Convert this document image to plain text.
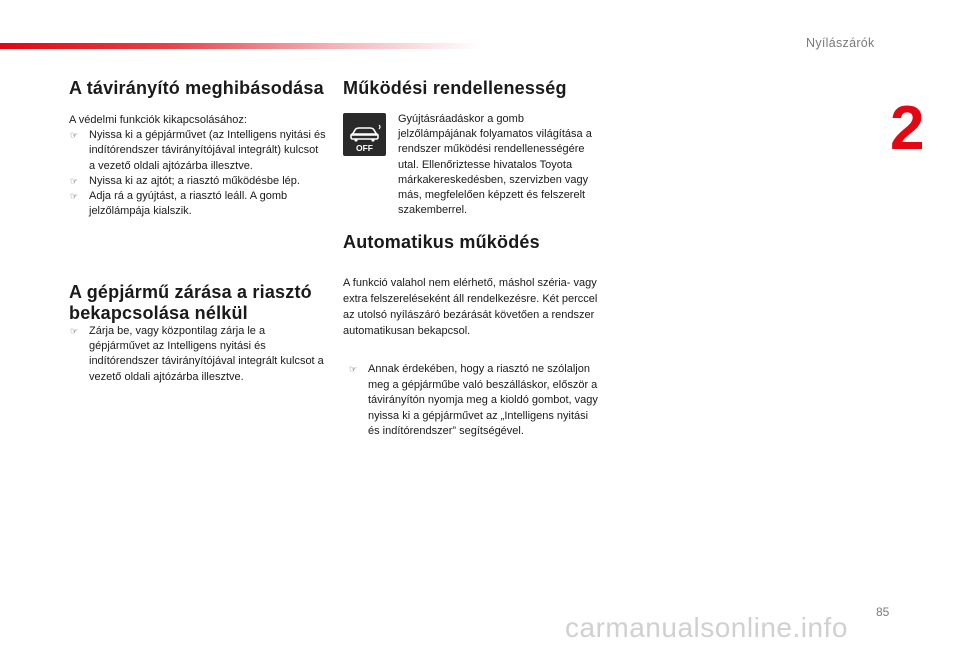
Nyílászárók
2
A távirányító meghibásodása

A védelmi funkciók kikapcsolásához:

☞ Nyissa ki a gépjárművet (az Intelligens nyitási és indítórendszer távirányítójával integrált) kulcsot a vezető oldali ajtózárba illesztve.
☞ Nyissa ki az ajtót; a riasztó működésbe lép.
☞ Adja rá a gyújtást, a riasztó leáll. A gomb jelzőlámpája kialszik.
A gépjármű zárása a riasztó
bekapcsolása nélkül
☞ Zárja be, vagy központilag zárja le a gépjárművet az Intelligens nyitási és indítórendszer távirányítójával integrált kulcsot a vezető oldali ajtózárba illesztve.
Működési rendellenesség
OFF
Gyújtásráadáskor a gomb jelzőlámpájának folyamatos világítása a rendszer működési rendellenességére utal. Ellenőriztesse hivatalos Toyota márkakereskedésben, szervizben vagy más, megfelelően képzett és felszerelt szakemberrel.
Automatikus működés
A funkció valahol nem elérhető, máshol széria- vagy extra felszereléseként áll rendelkezésre. Két perccel az utolsó nyílászáró bezárását követően a rendszer automatikusan bekapcsol.
☞ Annak érdekében, hogy a riasztó ne szólaljon meg a gépjárműbe való beszálláskor, először a távirányítón nyomja meg a kioldó gombot, vagy nyissa ki a gépjárművet az „Intelligens nyitási és indítórendszer” segítségével.
85
carmanualsonline.info
